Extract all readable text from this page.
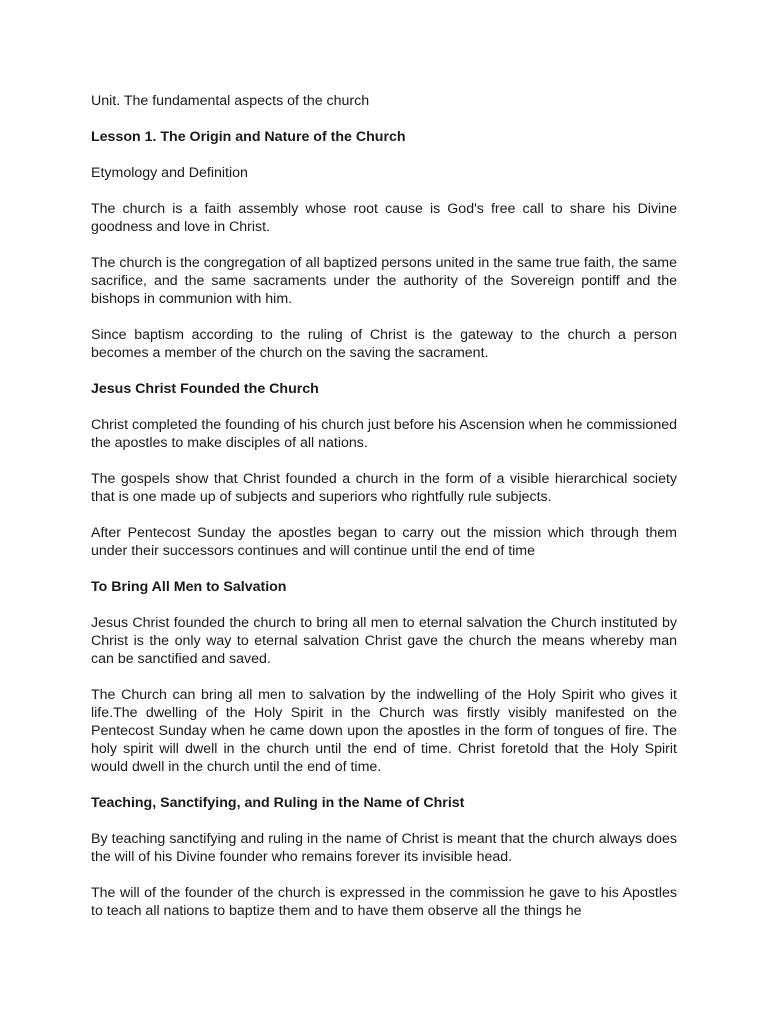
Unit. The fundamental aspects of the church
Lesson 1. The Origin and Nature of the Church
Etymology and Definition
The church is a faith assembly whose root cause is God's free call to share his Divine goodness and love in Christ.
The church is the congregation of all baptized persons united in the same true faith, the same sacrifice, and the same sacraments under the authority of the Sovereign pontiff and the bishops in communion with him.
Since baptism according to the ruling of Christ is the gateway to the church a person becomes a member of the church on the saving the sacrament.
Jesus Christ Founded the Church
Christ completed the founding of his church just before his Ascension when he commissioned the apostles to make disciples of all nations.
The gospels show that Christ founded a church in the form of a visible hierarchical society that is one made up of subjects and superiors who rightfully rule subjects.
After Pentecost Sunday the apostles began to carry out the mission which through them under their successors continues and will continue until the end of time
To Bring All Men to Salvation
Jesus Christ founded the church to bring all men to eternal salvation the Church instituted by Christ is the only way to eternal salvation Christ gave the church the means whereby man can be sanctified and saved.
The Church can bring all men to salvation by the indwelling of the Holy Spirit who gives it life.The dwelling of the Holy Spirit in the Church was firstly visibly manifested on the Pentecost Sunday when he came down upon the apostles in the form of tongues of fire. The holy spirit will dwell in the church until the end of time. Christ foretold that the Holy Spirit would dwell in the church until the end of time.
Teaching, Sanctifying, and Ruling in the Name of Christ
By teaching sanctifying and ruling in the name of Christ is meant that the church always does the will of his Divine founder who remains forever its invisible head.
The will of the founder of the church is expressed in the commission he gave to his Apostles to teach all nations to baptize them and to have them observe all the things he
